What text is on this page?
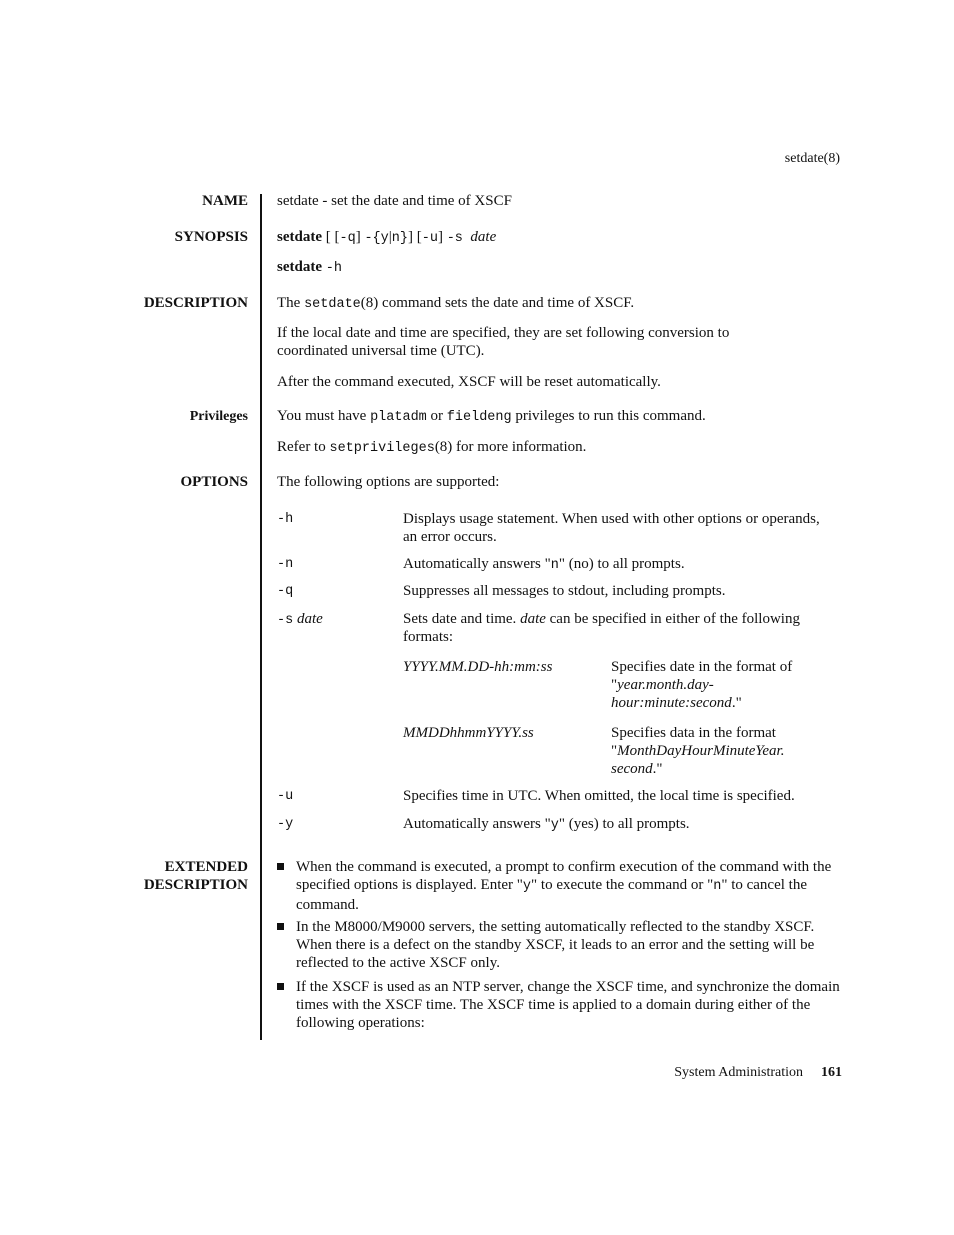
setdate(8)
NAME setdate - set the date and time of XSCF
SYNOPSIS setdate [ [-q] -{y|n}] [-u] -s date
setdate -h
DESCRIPTION The setdate(8) command sets the date and time of XSCF.
If the local date and time are specified, they are set following conversion to coordinated universal time (UTC).
After the command executed, XSCF will be reset automatically.
Privileges You must have platadm or fieldeng privileges to run this command.
Refer to setprivileges(8) for more information.
OPTIONS The following options are supported:
-h	Displays usage statement. When used with other options or operands, an error occurs.
-n	Automatically answers "n" (no) to all prompts.
-q	Suppresses all messages to stdout, including prompts.
-s date	Sets date and time. date can be specified in either of the following formats:
YYYY.MM.DD-hh:mm:ss	Specifies date in the format of "year.month.day-
hour:minute:second."
MMDDhhmmYYYY.ss	Specifies data in the format "MonthDayHourMinuteYear.
second."
-u	Specifies time in UTC. When omitted, the local time is specified.
-y	Automatically answers "y" (yes) to all prompts.
EXTENDED
DESCRIPTION
When the command is executed, a prompt to confirm execution of the command with the specified options is displayed. Enter "y" to execute the command or "n" to cancel the command.
In the M8000/M9000 servers, the setting automatically reflected to the standby XSCF. When there is a defect on the standby XSCF, it leads to an error and the setting will be reflected to the active XSCF only.
If the XSCF is used as an NTP server, change the XSCF time, and synchronize the domain times with the XSCF time. The XSCF time is applied to a domain during either of the following operations:
System Administration 161
